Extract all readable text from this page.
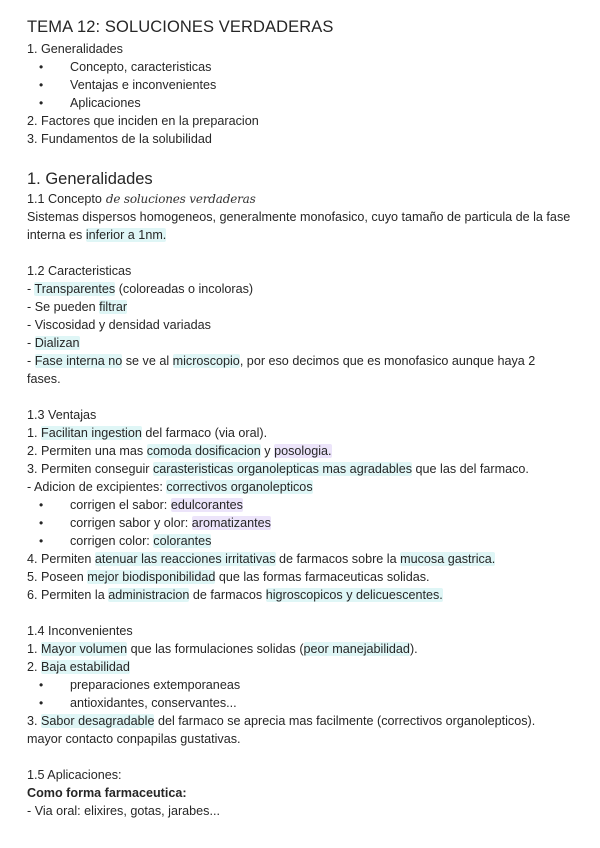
TEMA 12: SOLUCIONES VERDADERAS
1. Generalidades
• Concepto, caracteristicas
• Ventajas e inconvenientes
• Aplicaciones
2. Factores que inciden en la preparacion
3. Fundamentos de la solubilidad
1. Generalidades
1.1 Concepto de soluciones verdaderas
Sistemas dispersos homogeneos, generalmente monofasico, cuyo tamaño de particula de la fase interna es inferior a 1nm.
1.2 Caracteristicas
- Transparentes (coloreadas o incoloras)
- Se pueden filtrar
- Viscosidad y densidad variadas
- Dializan
- Fase interna no se ve al microscopio, por eso decimos que es monofasico aunque haya 2
fases.
1.3 Ventajas
1. Facilitan ingestion del farmaco (via oral).
2. Permiten una mas comoda dosificacion y posologia.
3. Permiten conseguir carasteristicas organolepticas mas agradables que las del farmaco.
- Adicion de excipientes: correctivos organolepticos
• corrigen el sabor: edulcorantes
• corrigen sabor y olor: aromatizantes
• corrigen color: colorantes
4. Permiten atenuar las reacciones irritativas de farmacos sobre la mucosa gastrica.
5. Poseen mejor biodisponibilidad que las formas farmaceuticas solidas.
6. Permiten la administracion de farmacos higroscopicos y delicuescentes.
1.4 Inconvenientes
1. Mayor volumen que las formulaciones solidas (peor manejabilidad).
2. Baja estabilidad
• preparaciones extemporaneas
• antioxidantes, conservantes...
3. Sabor desagradable del farmaco se aprecia mas facilmente (correctivos organolepticos).
mayor contacto conpapilas gustativas.
1.5 Aplicaciones:
Como forma farmaceutica:
- Via oral: elixires, gotas, jarabes...
